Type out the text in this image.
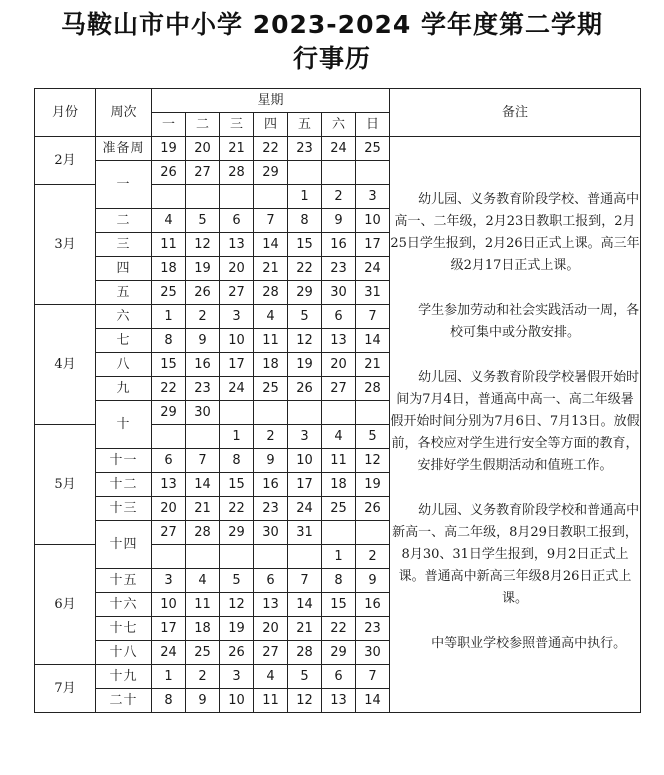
马鞍山市中小学 2023-2024 学年度第二学期
行事历
月份	周次	星期							备注
		一	二	三	四	五	六	日	
2月	准备周	19	20	21	22	23	24	25	幼儿园、义务教育阶段学校、普通高中高一、二年级，2月23日教职工报到，2月25日学生报到，2月26日正式上课。高三年级2月17日正式上课。

学生参加劳动和社会实践活动一周，各校可集中或分散安排。

幼儿园、义务教育阶段学校暑假开始时间为7月4日，普通高中高一、高二年级暑假开始时间分别为7月6日、7月13日。放假前，各校应对学生进行安全等方面的教育，安排好学生假期活动和值班工作。

幼儿园、义务教育阶段学校和普通高中新高一、高二年级，8月29日教职工报到，8月30、31日学生报到，9月2日正式上课。普通高中新高三年级8月26日正式上课。

中等职业学校参照普通高中执行。

	一	26	27	28	29				
3月						1	2	3	
	二	4	5	6	7	8	9	10	
	三	11	12	13	14	15	16	17	
	四	18	19	20	21	22	23	24	
	五	25	26	27	28	29	30	31	
4月	六	1	2	3	4	5	6	7	
	七	8	9	10	11	12	13	14	
	八	15	16	17	18	19	20	21	
	九	22	23	24	25	26	27	28	
	十	29	30						
5月				1	2	3	4	5	
	十一	6	7	8	9	10	11	12	
	十二	13	14	15	16	17	18	19	
	十三	20	21	22	23	24	25	26	
	十四	27	28	29	30	31			
6月							1	2	
	十五	3	4	5	6	7	8	9	
	十六	10	11	12	13	14	15	16	
	十七	17	18	19	20	21	22	23	
	十八	24	25	26	27	28	29	30	
7月	十九	1	2	3	4	5	6	7	
	二十	8	9	10	11	12	13	14	
